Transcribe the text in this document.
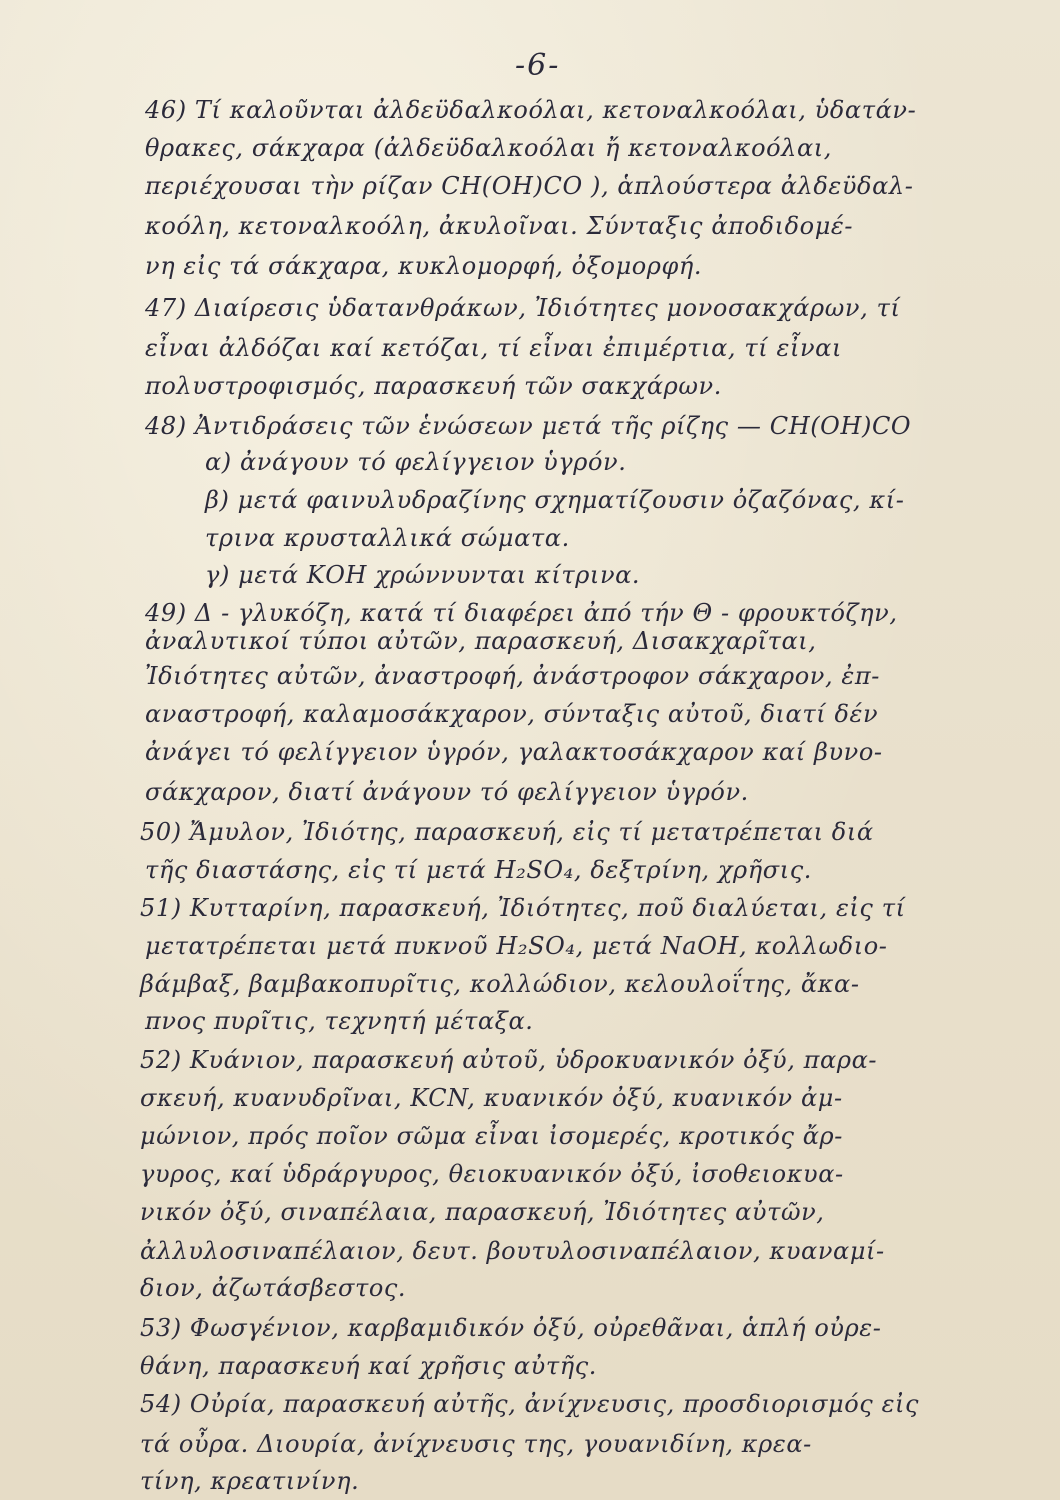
-6-
46) Τί καλοῦνται ἀλδεϋδαλκοόλαι, κετοναλκοόλαι, ὑδατάν-
θρακες, σάκχαρα (ἀλδεϋδαλκοόλαι ἤ κετοναλκοόλαι,
περιέχουσαι τὴν ρίζαν CH(OH)CO ), ἁπλούστερα ἀλδεϋδαλ-
κοόλη, κετοναλκοόλη, ἀκυλοῖναι. Σύνταξις ἀποδιδομέ-
νη εἰς τά σάκχαρα, κυκλομορφή, ὀξομορφή.
47) Διαίρεσις ὑδατανθράκων, Ἰδιότητες μονοσακχάρων, τί
εἶναι ἀλδόζαι καί κετόζαι, τί εἶναι ἐπιμέρτια, τί εἶναι
πολυστροφισμός, παρασκευή τῶν σακχάρων.
48) Ἀντιδράσεις τῶν ἑνώσεων μετά τῆς ρίζης — CH(OH)CO
α) ἀνάγουν τό φελίγγειον ὑγρόν.
β) μετά φαινυλυδραζίνης σχηματίζουσιν ὀζαζόνας, κί-
τρινα κρυσταλλικά σώματα.
γ) μετά ΚΟΗ χρώννυνται κίτρινα.
49) Δ - γλυκόζη, κατά τί διαφέρει ἀπό τήν Θ - φρουκτόζην,
ἀναλυτικοί τύποι αὐτῶν, παρασκευή, Δισακχαρῖται,
Ἰδιότητες αὐτῶν, ἀναστροφή, ἀνάστροφον σάκχαρον, ἐπ-
αναστροφή, καλαμοσάκχαρον, σύνταξις αὐτοῦ, διατί δέν
ἀνάγει τό φελίγγειον ὑγρόν, γαλακτοσάκχαρον καί βυνο-
σάκχαρον, διατί ἀνάγουν τό φελίγγειον ὑγρόν.
50) Ἄμυλον, Ἰδιότης, παρασκευή, εἰς τί μετατρέπεται διά
τῆς διαστάσης, εἰς τί μετά H₂SO₄, δεξτρίνη, χρῆσις.
51) Κυτταρίνη, παρασκευή, Ἰδιότητες, ποῦ διαλύεται, εἰς τί
μετατρέπεται μετά πυκνοῦ H₂SO₄, μετά NaOH, κολλωδιο-
βάμβαξ, βαμβακοπυρῖτις, κολλώδιον, κελουλοΐτης, ἄκα-
πνος πυρῖτις, τεχνητή μέταξα.
52) Κυάνιον, παρασκευή αὐτοῦ, ὑδροκυανικόν ὀξύ, παρα-
σκευή, κυανυδρῖναι, KCN, κυανικόν ὀξύ, κυανικόν ἀμ-
μώνιον, πρός ποῖον σῶμα εἶναι ἰσομερές, κροτικός ἄρ-
γυρος, καί ὑδράργυρος, θειοκυανικόν ὀξύ, ἰσοθειοκυα-
νικόν ὀξύ, σιναπέλαια, παρασκευή, Ἰδιότητες αὐτῶν,
ἀλλυλοσιναπέλαιον, δευτ. βουτυλοσιναπέλαιον, κυαναμί-
διον, ἀζωτάσβεστος.
53) Φωσγένιον, καρβαμιδικόν ὀξύ, οὐρεθᾶναι, ἁπλή οὐρε-
θάνη, παρασκευή καί χρῆσις αὐτῆς.
54) Οὐρία, παρασκευή αὐτῆς, ἀνίχνευσις, προσδιορισμός εἰς
τά οὖρα. Διουρία, ἀνίχνευσις της, γουανιδίνη, κρεα-
τίνη, κρεατινίνη.
